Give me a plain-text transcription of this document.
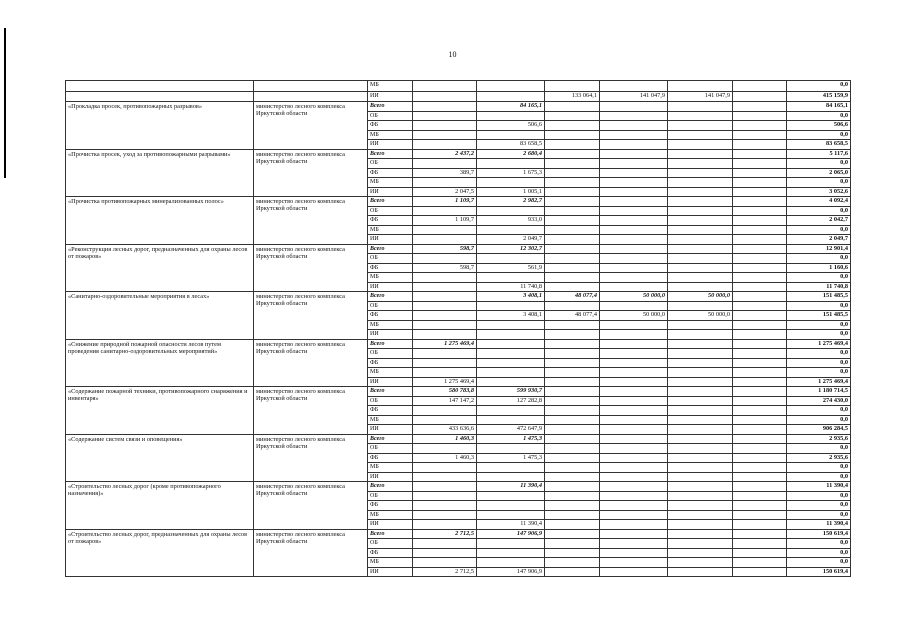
10
		МБ							0,0
		ИИ			133 064,1	141 047,9	141 047,9		415 159,9
«Прокладка просек, противопожарных разрывов»	министерство лесного комплекса Иркутской области	Всего		84 165,1					84 165,1
		ОБ							0,0
		ФБ		506,6					506,6
		МБ							0,0
		ИИ		83 658,5					83 658,5
«Прочистка просек, уход за противопожарными разрывами»	министерство лесного комплекса Иркутской области	Всего	2 437,2	2 680,4					5 117,6
		ОБ							0,0
		ФБ	389,7	1 675,3					2 065,0
		МБ							0,0
		ИИ	2 047,5	1 005,1					3 052,6
«Прочистка противопожарных минерализованных полос»	министерство лесного комплекса Иркутской области	Всего	1 109,7	2 982,7					4 092,4
		ОБ							0,0
		ФБ	1 109,7	933,0					2 042,7
		МБ							0,0
		ИИ		2 049,7					2 049,7
«Реконструкция лесных дорог, предназначенных для охраны лесов от пожаров»	министерство лесного комплекса Иркутской области	Всего	598,7	12 302,7					12 901,4
		ОБ							0,0
		ФБ	598,7	561,9					1 160,6
		МБ							0,0
		ИИ		11 740,8					11 740,8
«Санитарно-оздоровительные мероприятия в лесах»	министерство лесного комплекса Иркутской области	Всего		3 408,1	48 077,4	50 000,0	50 000,0		151 485,5
		ОБ							0,0
		ФБ		3 408,1	48 077,4	50 000,0	50 000,0		151 485,5
		МБ							0,0
		ИИ							0,0
«Снижение природной пожарной опасности лесов путем проведения санитарно-оздоровительных мероприятий»	министерство лесного комплекса Иркутской области	Всего	1 275 469,4						1 275 469,4
		ОБ							0,0
		ФБ							0,0
		МБ							0,0
		ИИ	1 275 469,4						1 275 469,4
«Содержание пожарной техники, противопожарного снаряжения и инвентаря»	министерство лесного комплекса Иркутской области	Всего	580 783,8	599 930,7					1 180 714,5
		ОБ	147 147,2	127 282,8					274 430,0
		ФБ							0,0
		МБ							0,0
		ИИ	433 636,6	472 647,9					906 284,5
«Содержание систем связи и оповещения»	министерство лесного комплекса Иркутской области	Всего	1 460,3	1 475,3					2 935,6
		ОБ							0,0
		ФБ	1 460,3	1 475,3					2 935,6
		МБ							0,0
		ИИ							0,0
«Строительство лесных дорог (кроме противопожарного назначения)»	министерство лесного комплекса Иркутской области	Всего		11 390,4					11 390,4
		ОБ							0,0
		ФБ							0,0
		МБ							0,0
		ИИ		11 390,4					11 390,4
«Строительство лесных дорог, предназначенных для охраны лесов от пожаров»	министерство лесного комплекса Иркутской области	Всего	2 712,5	147 906,9					150 619,4
		ОБ							0,0
		ФБ							0,0
		МБ							0,0
		ИИ	2 712,5	147 906,9					150 619,4
